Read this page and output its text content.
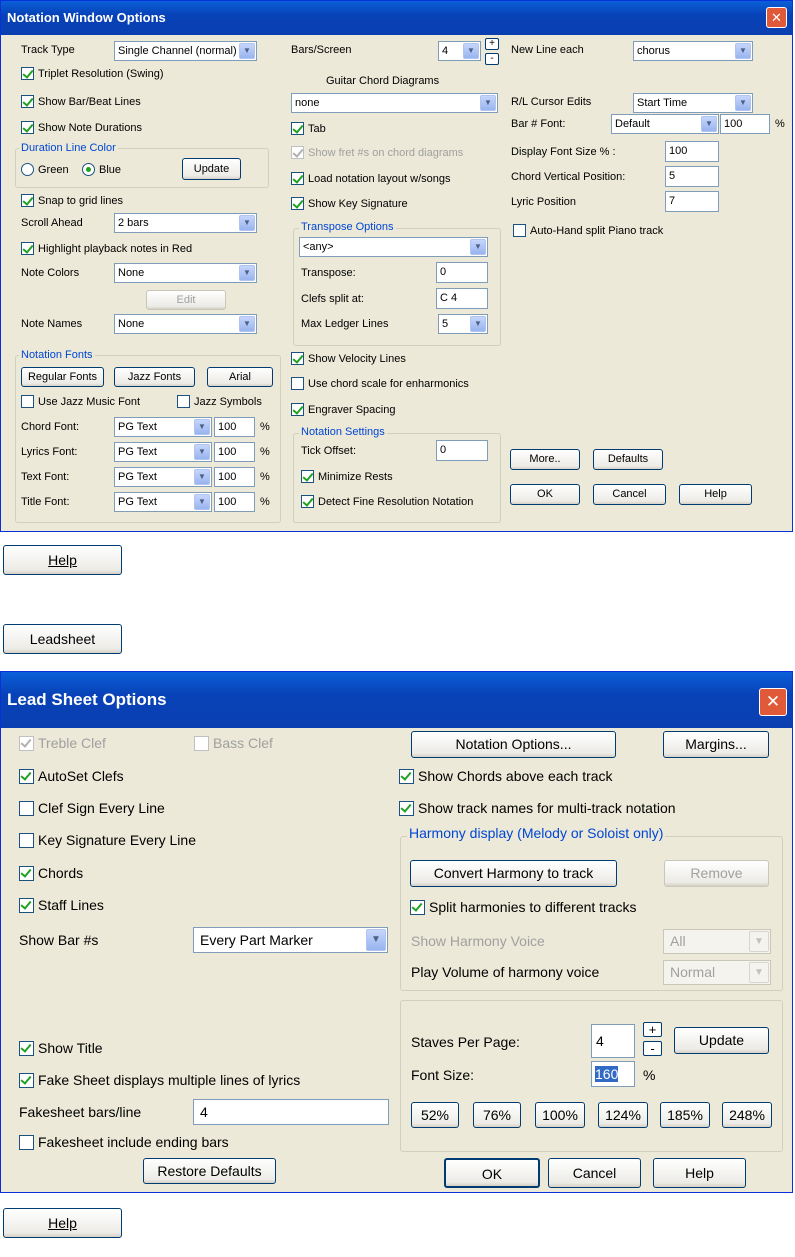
Notation Window Options	✕
Track Type	Single Channel (normal) ▼
Triplet Resolution (Swing)
Show Bar/Beat Lines
Show Note Durations
Duration Line Color
Green	Blue	Update
Snap to grid lines
Scroll Ahead	2 bars	▼
Highlight playback notes in Red
Note Colors	None	▼
Edit
Note Names	None	▼
Notation Fonts
Regular Fonts	Jazz Fonts	Arial
Use Jazz Music Font	Jazz Symbols
Chord Font:	PG Text	▼	100	%
Lyrics Font:	PG Text	▼	100	%
Text Font:	PG Text	▼	100	%
Title Font:	PG Text	▼	100	%
Bars/Screen	4	▼
+
-
Guitar Chord Diagrams
none	▼
Tab
Show fret #s on chord diagrams
Load notation layout w/songs
Show Key Signature
Transpose Options
<any>	▼
Transpose:	0
Clefs split at:	C 4
Max Ledger Lines	5	▼
Show Velocity Lines
Use chord scale for enharmonics
Engraver Spacing
Notation Settings
Tick Offset:	0
Minimize Rests
Detect Fine Resolution Notation
New Line each	chorus	▼
R/L Cursor Edits	Start Time	▼
Bar # Font:	Default	▼	100	%
Display Font Size % :	100
Chord Vertical Position:	5
Lyric Position	7
Auto-Hand split Piano track
More..	Defaults
OK	Cancel	Help
Help
Leadsheet
Lead Sheet Options	✕
Treble Clef	Bass Clef
AutoSet Clefs
Clef Sign Every Line
Key Signature Every Line
Chords
Staff Lines
Show Bar #s	Every Part Marker	▼
Show Title
Fake Sheet displays multiple lines of lyrics
Fakesheet bars/line	4
Fakesheet include ending bars
Restore Defaults
Notation Options...	Margins...
Show Chords above each track
Show track names for multi-track notation
Harmony display (Melody or Soloist only)
Convert Harmony to track	Remove
Split harmonies to different tracks
Show Harmony Voice	All	▼
Play Volume of harmony voice	Normal	▼
Staves Per Page:	4
+
-
Update
Font Size:	160	%
52%	76%	100%	124%	185%	248%
OK	Cancel	Help
Help
